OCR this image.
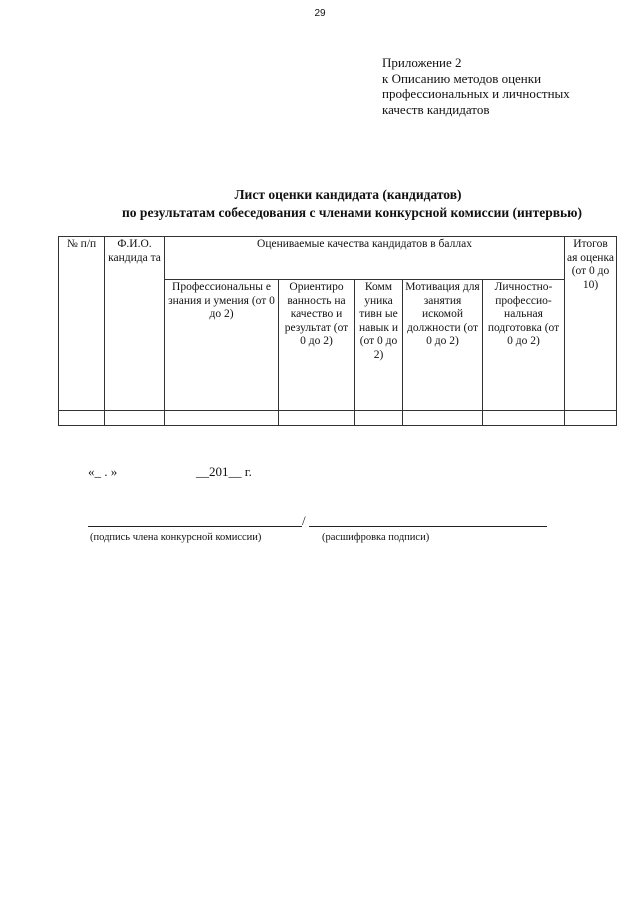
29
Приложение 2
к Описанию методов оценки
профессиональных и личностных
качеств кандидатов
Лист оценки кандидата (кандидатов)
по результатам собеседования с членами конкурсной комиссии (интервью)
№ п/п	Ф.И.О. кандида та	Оцениваемые качества кандидатов в баллах					Итогов ая оценка (от 0 до 10)
		Профессиональны е знания и умения (от 0 до 2)	Ориентиро ванность на качество и результат (от 0 до 2)	Комм уника тивн ые навык и (от 0 до 2)	Мотивация для занятия искомой должности (от 0 до 2)	Личностно- профессио- нальная подготовка (от 0 до 2)	

«_ . »	__201__ г.
/
(подпись члена конкурсной комиссии)	(расшифровка подписи)
